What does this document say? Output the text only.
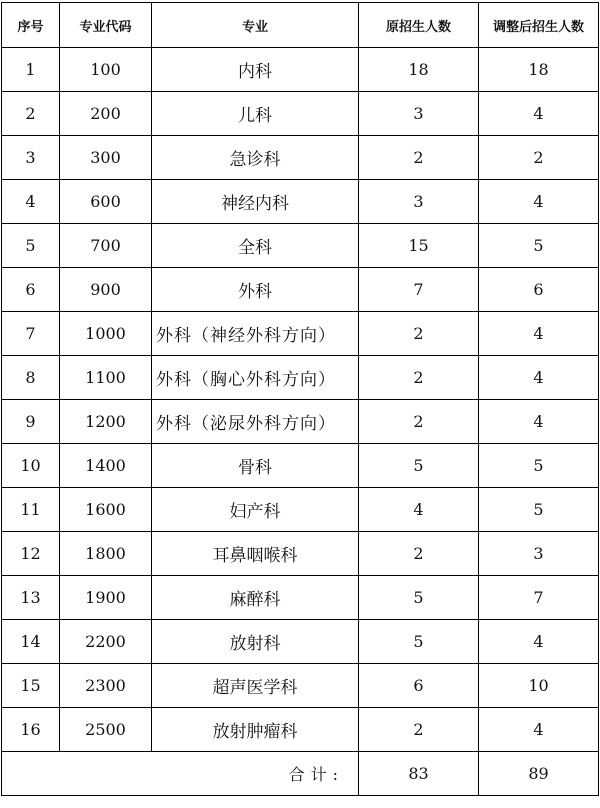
序号	专业代码	专业	原招生人数	调整后招生人数
1	100	内科	18	18
2	200	儿科	3	4
3	300	急诊科	2	2
4	600	神经内科	3	4
5	700	全科	15	5
6	900	外科	7	6
7	1000	外科（神经外科方向）	2	4
8	1100	外科（胸心外科方向）	2	4
9	1200	外科（泌尿外科方向）	2	4
10	1400	骨科	5	5
11	1600	妇产科	4	5
12	1800	耳鼻咽喉科	2	3
13	1900	麻醉科	5	7
14	2200	放射科	5	4
15	2300	超声医学科	6	10
16	2500	放射肿瘤科	2	4
合计:			83	89
